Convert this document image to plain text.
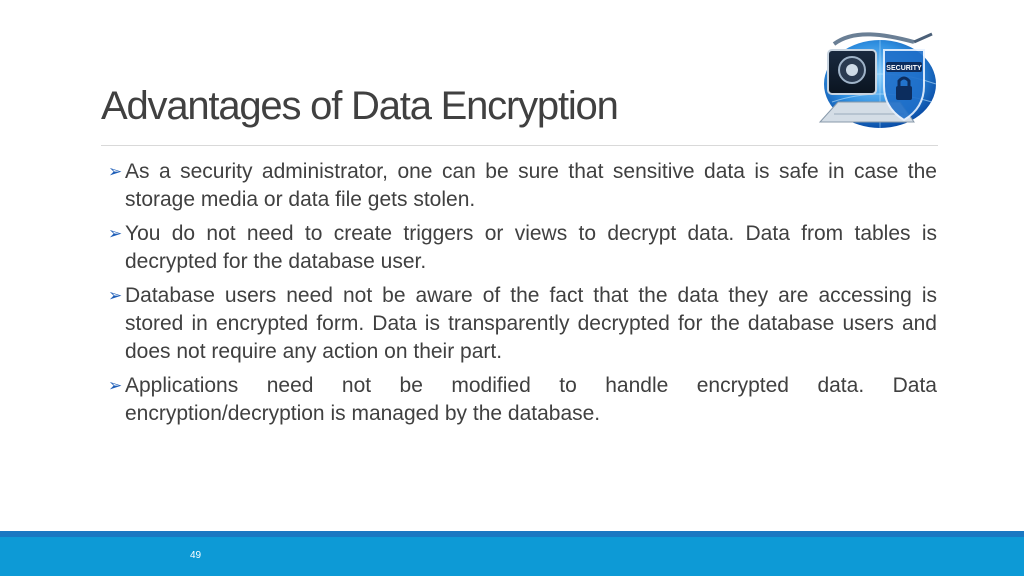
Advantages of Data Encryption
SECURITY
➢ As a security administrator, one can be sure that sensitive data is safe in case the storage media or data file gets stolen.
➢ You do not need to create triggers or views to decrypt data. Data from tables is decrypted for the database user.
➢ Database users need not be aware of the fact that the data they are accessing is stored in encrypted form. Data is transparently decrypted for the database users and does not require any action on their part.
➢ Applications need not be modified to handle encrypted data. Data encryption/decryption is managed by the database.
49
